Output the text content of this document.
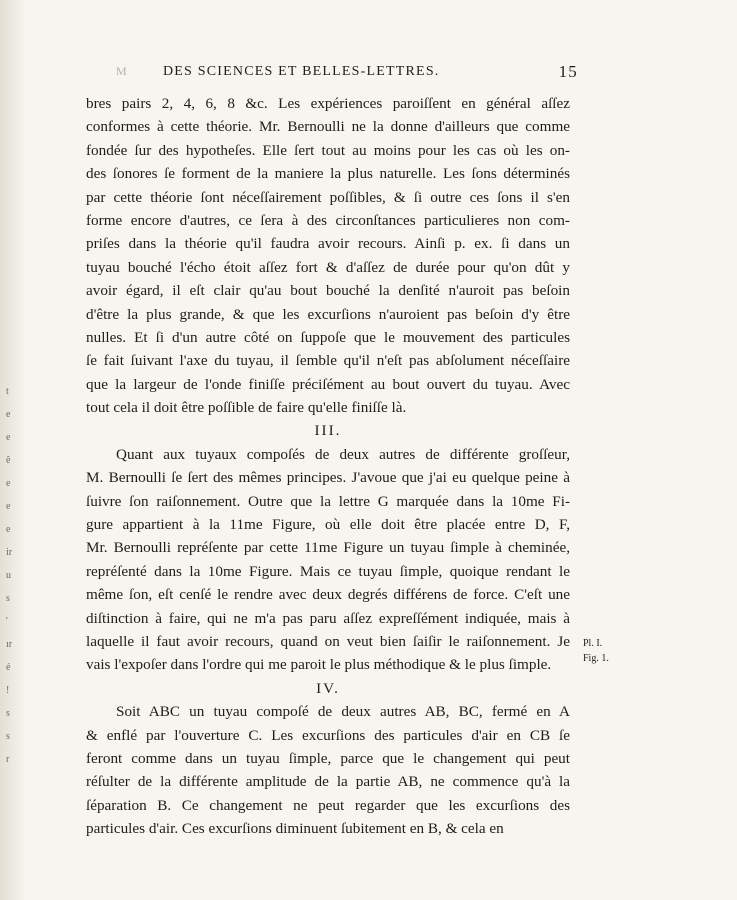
t
e
e
ê
e
e
e
ir
u
s
'
ır
é
!
s
s
r
M	DES SCIENCES ET BELLES-LETTRES.	15
bres pairs 2, 4, 6, 8 &c. Les expériences paroiſſent en général aſſez
conformes à cette théorie. Mr. Bernoulli ne la donne d'ailleurs que comme
fondée ſur des hypotheſes. Elle ſert tout au moins pour les cas où les on-
des ſonores ſe forment de la maniere la plus naturelle. Les ſons déterminés
par cette théorie ſont néceſſairement poſſibles, & ſi outre ces ſons il s'en
forme encore d'autres, ce ſera à des circonſtances particulieres non com-
priſes dans la théorie qu'il faudra avoir recours. Ainſi p. ex. ſi dans un
tuyau bouché l'écho étoit aſſez fort & d'aſſez de durée pour qu'on dût y
avoir égard, il eſt clair qu'au bout bouché la denſité n'auroit pas beſoin
d'être la plus grande, & que les excurſions n'auroient pas beſoin d'y être
nulles. Et ſi d'un autre côté on ſuppoſe que le mouvement des particules
ſe fait ſuivant l'axe du tuyau, il ſemble qu'il n'eſt pas abſolument néceſſaire
que la largeur de l'onde finiſſe préciſément au bout ouvert du tuyau. Avec
tout cela il doit être poſſible de faire qu'elle finiſſe là.
III.
Quant aux tuyaux compoſés de deux autres de différente groſſeur,
M. Bernoulli ſe ſert des mêmes principes. J'avoue que j'ai eu quelque peine à
ſuivre ſon raiſonnement. Outre que la lettre G marquée dans la 10me Fi-
gure appartient à la 11me Figure, où elle doit être placée entre D, F,
Mr. Bernoulli repréſente par cette 11me Figure un tuyau ſimple à cheminée,
repréſenté dans la 10me Figure. Mais ce tuyau ſimple, quoique rendant le
même ſon, eſt cenſé le rendre avec deux degrés différens de force. C'eſt une
diſtinction à faire, qui ne m'a pas paru aſſez expreſſément indiquée, mais à
laquelle il faut avoir recours, quand on veut bien ſaiſir le raiſonnement. Je
vais l'expoſer dans l'ordre qui me paroit le plus méthodique & le plus ſimple.
IV.
Soit ABC un tuyau compoſé de deux autres AB, BC, fermé en A
& enflé par l'ouverture C. Les excurſions des particules d'air en CB ſe
feront comme dans un tuyau ſimple, parce que le changement qui peut
réſulter de la différente amplitude de la partie AB, ne commence qu'à la
ſéparation B. Ce changement ne peut regarder que les excurſions des
particules d'air. Ces excurſions diminuent ſubitement en B, & cela en
Pl. I.
Fig. 1.
